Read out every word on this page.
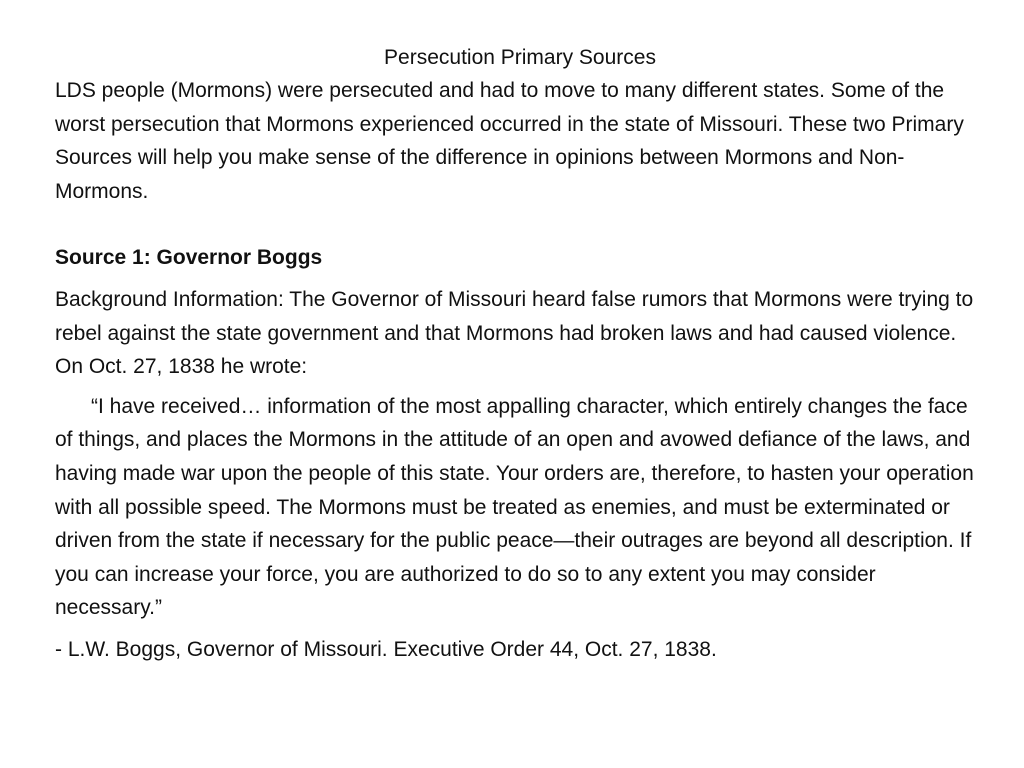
Persecution Primary Sources

LDS people (Mormons) were persecuted and had to move to many different states. Some of the worst persecution that Mormons experienced occurred in the state of Missouri. These two Primary Sources will help you make sense of the difference in opinions between Mormons and Non-Mormons.

Source 1: Governor Boggs

Background Information: The Governor of Missouri heard false rumors that Mormons were trying to rebel against the state government and that Mormons had broken laws and had caused violence. On Oct. 27, 1838 he wrote:

“I have received… information of the most appalling character, which entirely changes the face of things, and places the Mormons in the attitude of an open and avowed defiance of the laws, and having made war upon the people of this state. Your orders are, therefore, to hasten your operation with all possible speed. The Mormons must be treated as enemies, and must be exterminated or driven from the state if necessary for the public peace—their outrages are beyond all description. If you can increase your force, you are authorized to do so to any extent you may consider necessary.”

- L.W. Boggs, Governor of Missouri. Executive Order 44, Oct. 27, 1838.
